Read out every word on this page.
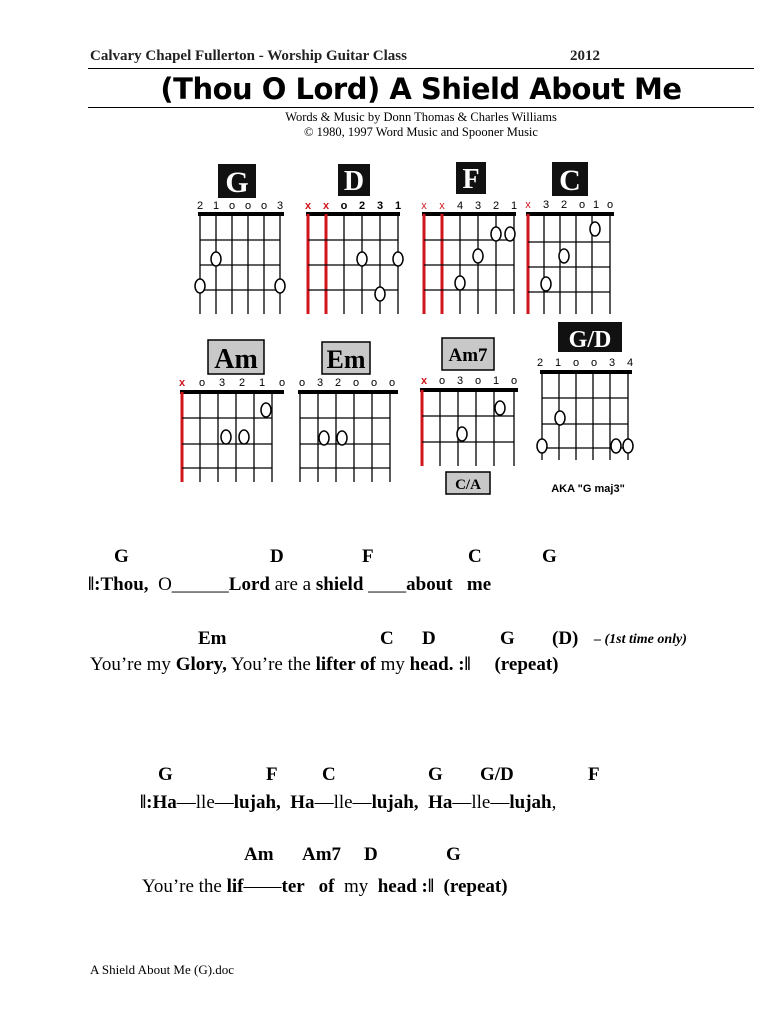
Calvary Chapel Fullerton - Worship Guitar Class	2012
(Thou O Lord) A Shield About Me
Words & Music by Donn Thomas & Charles Williams
© 1980, 1997 Word Music and Spooner Music
G
2 1 o o o 3
D
x x o 2 3 1
F
x x 4 3 2 1
C
x 3 2 o 1 o
Am
x o 3 2 1 o
Em
o 3 2 o o o
Am7
x o 3 o 1 o
C/A
G/D
2 1 o o 3 4
AKA "G maj3"
G	D	F	C	G
‖:Thou,  O______Lord are a shield ____about   me
Em	C D	G (D) – (1st time only)
You’re my Glory, You’re the lifter of my head. :‖     (repeat)
G	F C	G G/D	F
‖:Ha—lle—lujah,  Ha—lle—lujah,  Ha—lle—lujah,
Am Am7 D	G
You’re the lif——ter   of  my  head :‖  (repeat)
A Shield About Me (G).doc
